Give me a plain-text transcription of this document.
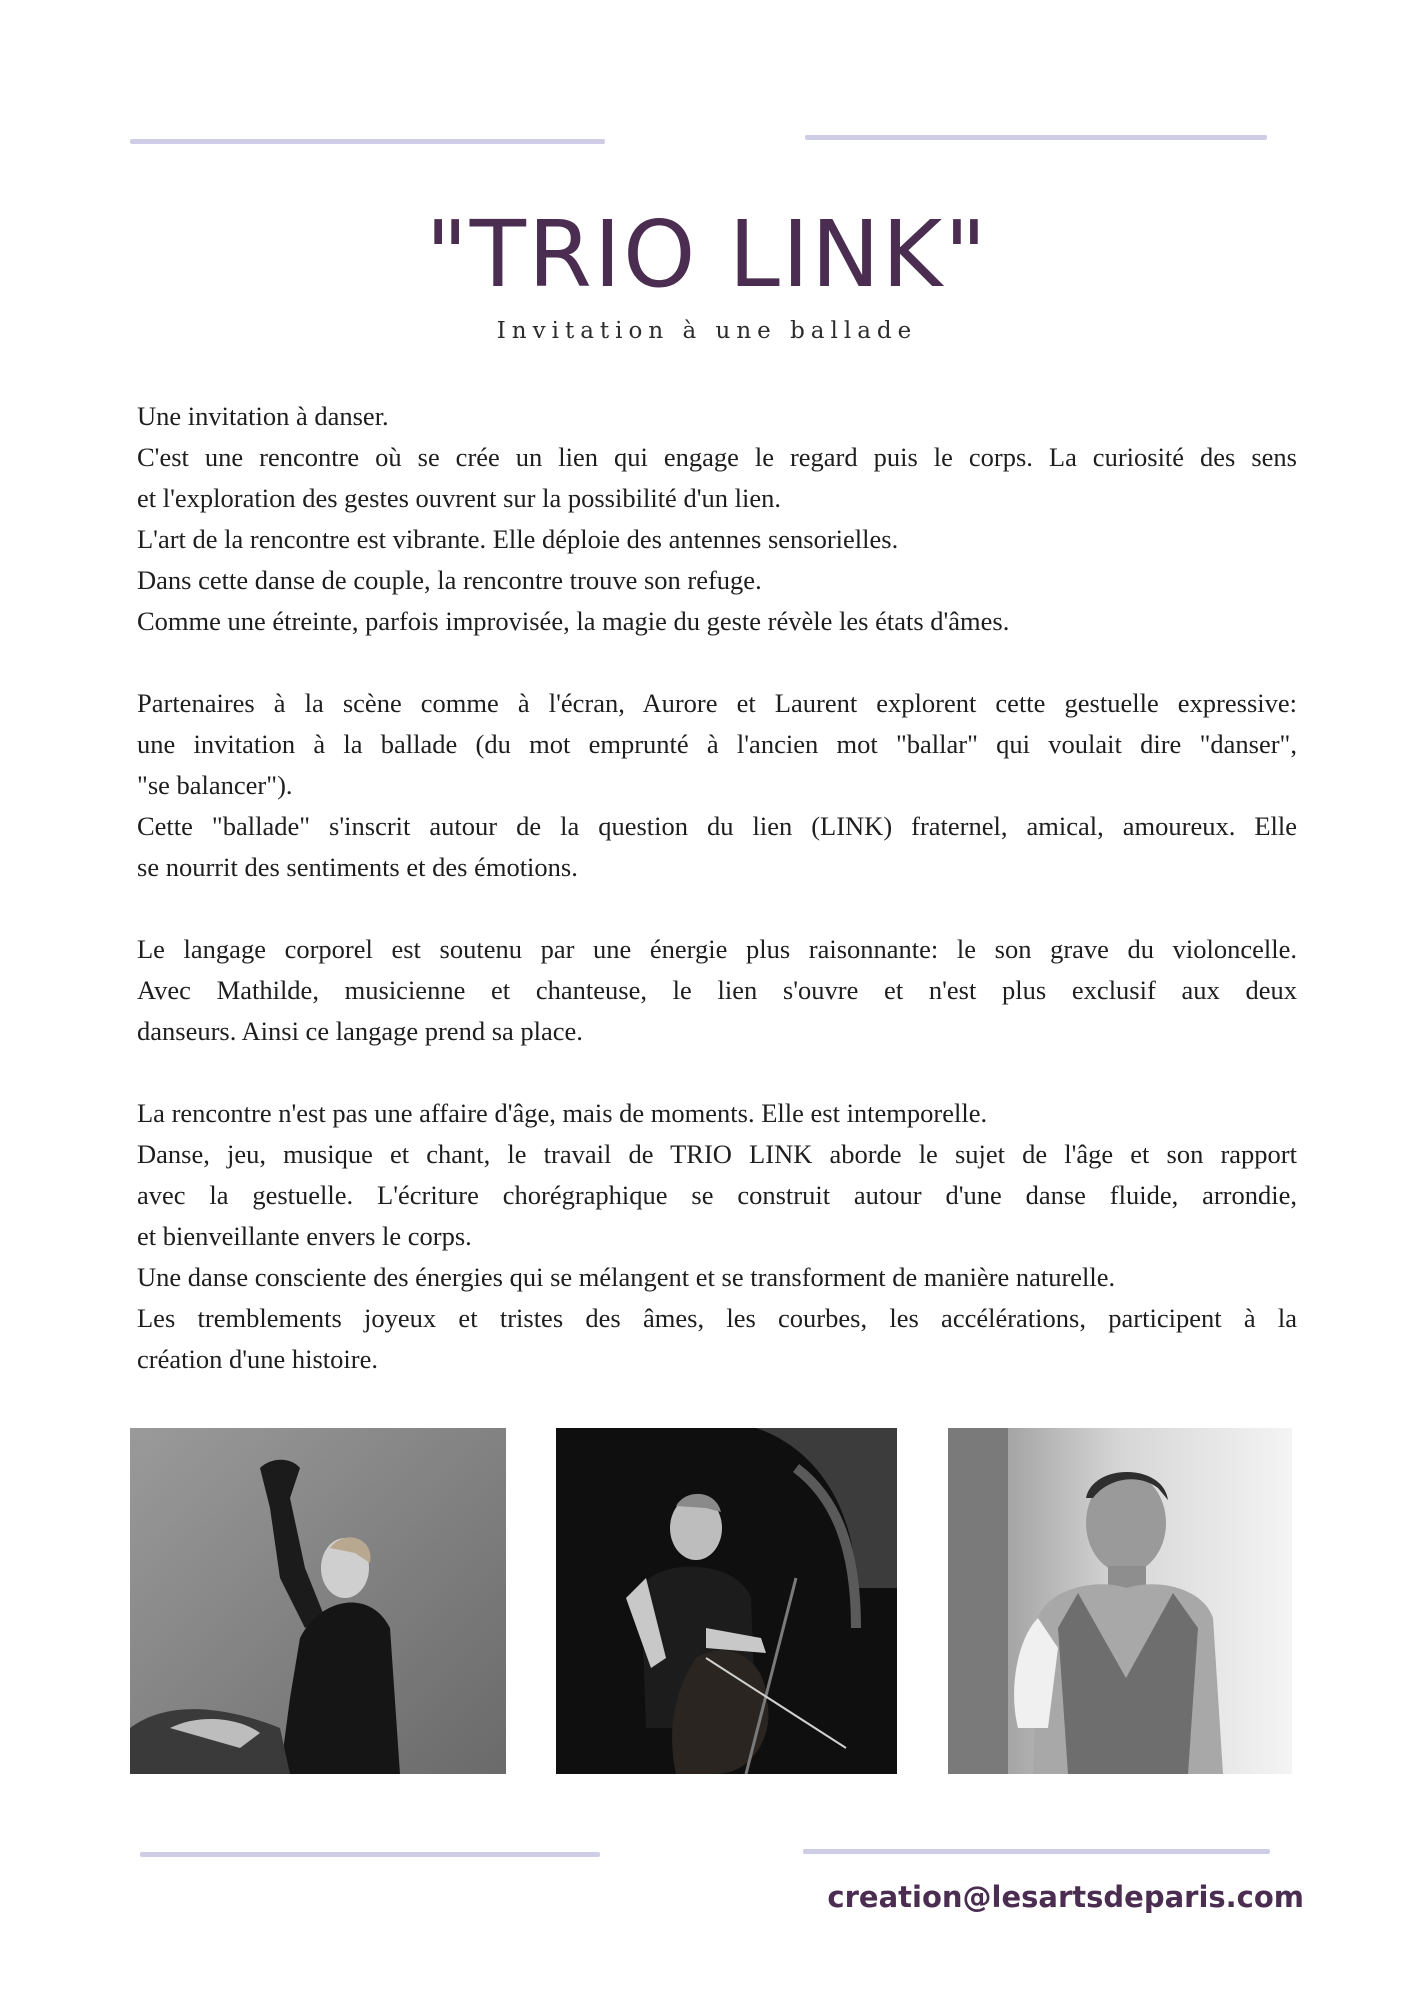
"TRIO LINK"
Invitation à une ballade

Une invitation à danser.
C'est une rencontre où se crée un lien qui engage le regard puis le corps. La curiosité des sens
et l'exploration des gestes ouvrent sur la possibilité d'un lien.
L'art de la rencontre est vibrante. Elle déploie des antennes sensorielles.
Dans cette danse de couple, la rencontre trouve son refuge.
Comme une étreinte, parfois improvisée, la magie du geste révèle les états d'âmes.

Partenaires à la scène comme à l'écran, Aurore et Laurent explorent cette gestuelle expressive:
une invitation à la ballade (du mot emprunté à l'ancien mot "ballar" qui voulait dire "danser",
"se balancer").
Cette "ballade" s'inscrit autour de la question du lien (LINK) fraternel, amical, amoureux. Elle
se nourrit des sentiments et des émotions.

Le langage corporel est soutenu par une énergie plus raisonnante: le son grave du violoncelle.
Avec Mathilde, musicienne et chanteuse, le lien s'ouvre et n'est plus exclusif aux deux
danseurs. Ainsi ce langage prend sa place.

La rencontre n'est pas une affaire d'âge, mais de moments. Elle est intemporelle.
Danse, jeu, musique et chant, le travail de TRIO LINK aborde le sujet de l'âge et son rapport
avec la gestuelle. L'écriture chorégraphique se construit autour d'une danse fluide, arrondie,
et bienveillante envers le corps.
Une danse consciente des énergies qui se mélangent et se transforment de manière naturelle.
Les tremblements joyeux et tristes des âmes, les courbes, les accélérations, participent à la
création d'une histoire.

creation@lesartsdeparis.com
